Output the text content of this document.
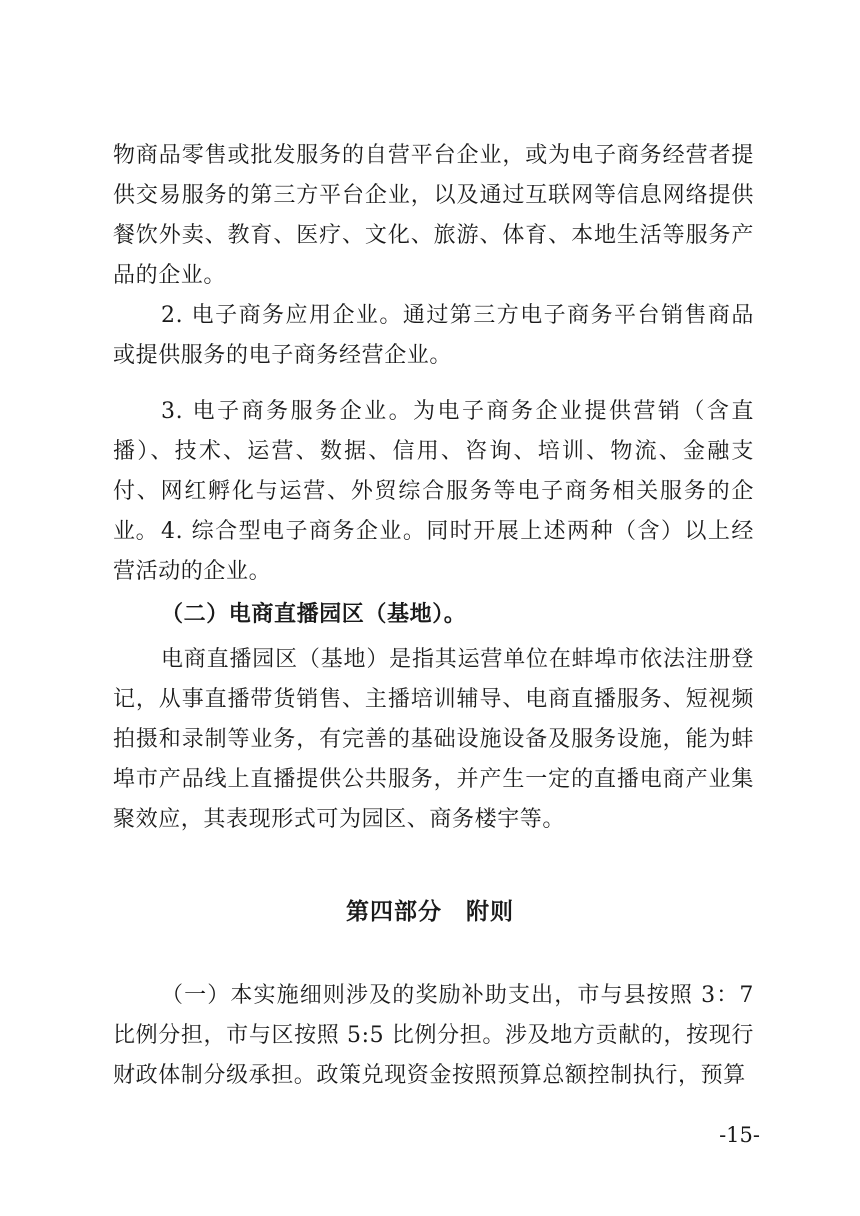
物商品零售或批发服务的自营平台企业，或为电子商务经营者提供交易服务的第三方平台企业，以及通过互联网等信息网络提供餐饮外卖、教育、医疗、文化、旅游、体育、本地生活等服务产品的企业。

2. 电子商务应用企业。通过第三方电子商务平台销售商品或提供服务的电子商务经营企业。

3. 电子商务服务企业。为电子商务企业提供营销（含直播）、技术、运营、数据、信用、咨询、培训、物流、金融支付、网红孵化与运营、外贸综合服务等电子商务相关服务的企业。 4. 综合型电子商务企业。同时开展上述两种（含）以上经营活动的企业。

（二）电商直播园区（基地）。

电商直播园区（基地）是指其运营单位在蚌埠市依法注册登记，从事直播带货销售、主播培训辅导、电商直播服务、短视频拍摄和录制等业务，有完善的基础设施设备及服务设施，能为蚌埠市产品线上直播提供公共服务，并产生一定的直播电商产业集聚效应，其表现形式可为园区、商务楼宇等。

第四部分　附则

（一）本实施细则涉及的奖励补助支出，市与县按照 3：7 比例分担，市与区按照 5:5 比例分担。涉及地方贡献的，按现行财政体制分级承担。政策兑现资金按照预算总额控制执行，预算

-15-
